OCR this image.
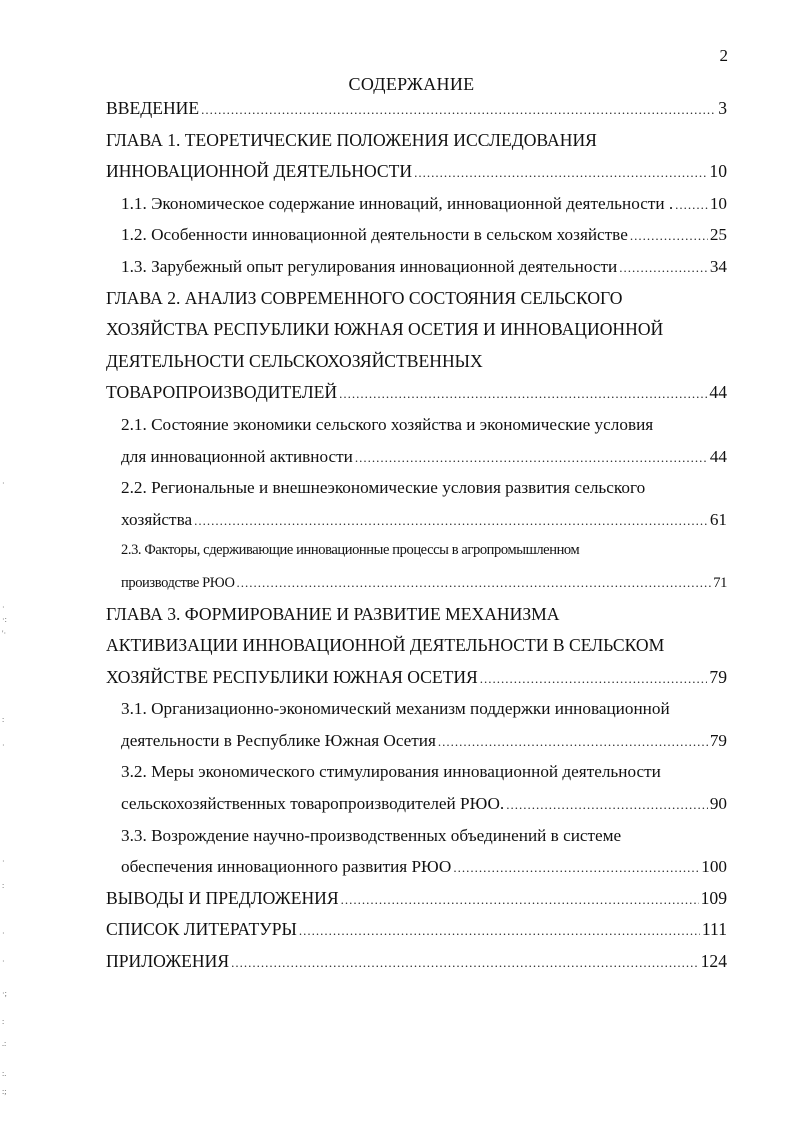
2
СОДЕРЖАНИЕ
ВВЕДЕНИЕ .....	3
ГЛАВА 1. ТЕОРЕТИЧЕСКИЕ ПОЛОЖЕНИЯ ИССЛЕДОВАНИЯ
ИННОВАЦИОННОЙ ДЕЯТЕЛЬНОСТИ .....	10
1.1. Экономическое содержание инноваций, инновационной деятельности . ..... 10
1.2. Особенности инновационной деятельности в сельском хозяйстве .....	25
1.3. Зарубежный опыт регулирования инновационной деятельности .....	34
ГЛАВА 2. АНАЛИЗ СОВРЕМЕННОГО СОСТОЯНИЯ СЕЛЬСКОГО
ХОЗЯЙСТВА РЕСПУБЛИКИ ЮЖНАЯ ОСЕТИЯ И ИННОВАЦИОННОЙ
ДЕЯТЕЛЬНОСТИ СЕЛЬСКОХОЗЯЙСТВЕННЫХ
ТОВАРОПРОИЗВОДИТЕЛЕЙ .....	44
2.1. Состояние экономики сельского хозяйства и экономические условия
для инновационной активности .....	44
2.2. Региональные и внешнеэкономические условия развития сельского
хозяйства .....	61
2.3. Факторы, сдерживающие инновационные процессы в агропромышленном
производстве РЮО .....	71
ГЛАВА 3. ФОРМИРОВАНИЕ И РАЗВИТИЕ МЕХАНИЗМА
АКТИВИЗАЦИИ ИННОВАЦИОННОЙ ДЕЯТЕЛЬНОСТИ В СЕЛЬСКОМ
ХОЗЯЙСТВЕ РЕСПУБЛИКИ ЮЖНАЯ ОСЕТИЯ .....	79
3.1. Организационно-экономический механизм поддержки инновационной
деятельности в Республике Южная Осетия .....	79
3.2. Меры экономического стимулирования инновационной деятельности
сельскохозяйственных товаропроизводителей РЮО. .....	90
3.3. Возрождение научно-производственных объединений в системе
обеспечения инновационного развития РЮО .....	100
ВЫВОДЫ И ПРЕДЛОЖЕНИЯ .....	109
СПИСОК ЛИТЕРАТУРЫ .....	111
ПРИЛОЖЕНИЯ .....	124
·
·
·:
'·
:
·
·
:
·
·
·;
:
.:
:.
:;
